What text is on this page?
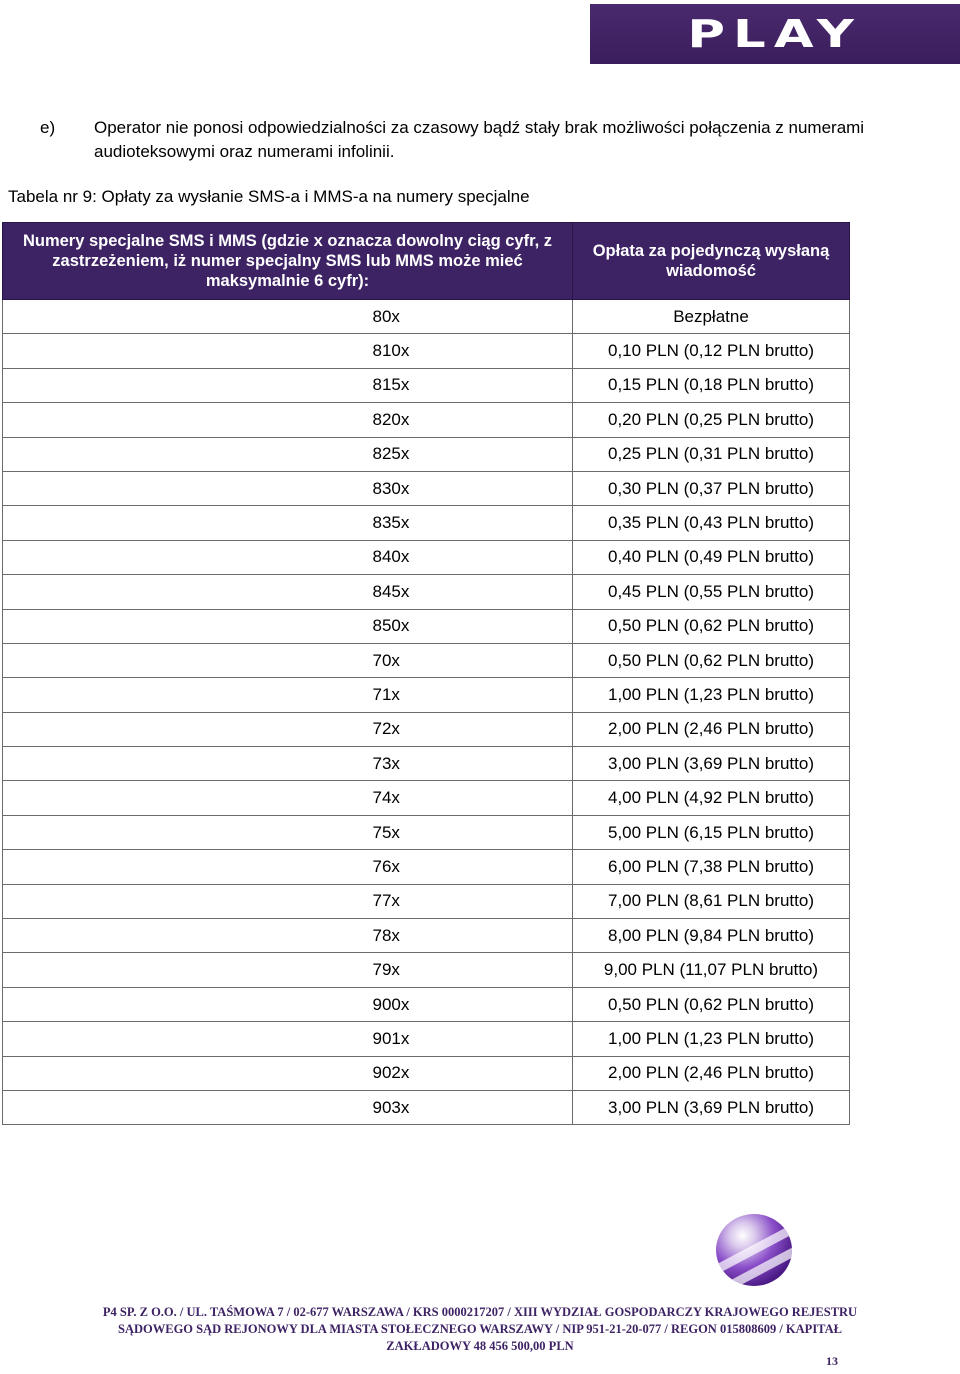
PLAY
e) Operator nie ponosi odpowiedzialności za czasowy bądź stały brak możliwości połączenia z numerami
audioteksowymi oraz numerami infolinii.
Tabela nr 9: Opłaty za wysłanie SMS-a i MMS-a na numery specjalne
Numery specjalne SMS i MMS (gdzie x oznacza dowolny ciąg cyfr, z zastrzeżeniem, iż numer specjalny SMS lub MMS może mieć maksymalnie 6 cyfr):	Opłata za pojedynczą wysłaną wiadomość
80x	Bezpłatne
810x	0,10 PLN (0,12 PLN brutto)
815x	0,15 PLN (0,18 PLN brutto)
820x	0,20 PLN (0,25 PLN brutto)
825x	0,25 PLN (0,31 PLN brutto)
830x	0,30 PLN (0,37 PLN brutto)
835x	0,35 PLN (0,43 PLN brutto)
840x	0,40 PLN (0,49 PLN brutto)
845x	0,45 PLN (0,55 PLN brutto)
850x	0,50 PLN (0,62 PLN brutto)
70x	0,50 PLN (0,62 PLN brutto)
71x	1,00 PLN (1,23 PLN brutto)
72x	2,00 PLN (2,46 PLN brutto)
73x	3,00 PLN (3,69 PLN brutto)
74x	4,00 PLN (4,92 PLN brutto)
75x	5,00 PLN (6,15 PLN brutto)
76x	6,00 PLN (7,38 PLN brutto)
77x	7,00 PLN (8,61 PLN brutto)
78x	8,00 PLN (9,84 PLN brutto)
79x	9,00 PLN (11,07 PLN brutto)
900x	0,50 PLN (0,62 PLN brutto)
901x	1,00 PLN (1,23 PLN brutto)
902x	2,00 PLN (2,46 PLN brutto)
903x	3,00 PLN (3,69 PLN brutto)
P4 SP. Z O.O. / UL. TAŚMOWA 7 / 02-677 WARSZAWA / KRS 0000217207 / XIII WYDZIAŁ GOSPODARCZY KRAJOWEGO REJESTRU
SĄDOWEGO SĄD REJONOWY DLA MIASTA STOŁECZNEGO WARSZAWY / NIP 951-21-20-077 / REGON 015808609 / KAPITAŁ
ZAKŁADOWY 48 456 500,00 PLN
13
